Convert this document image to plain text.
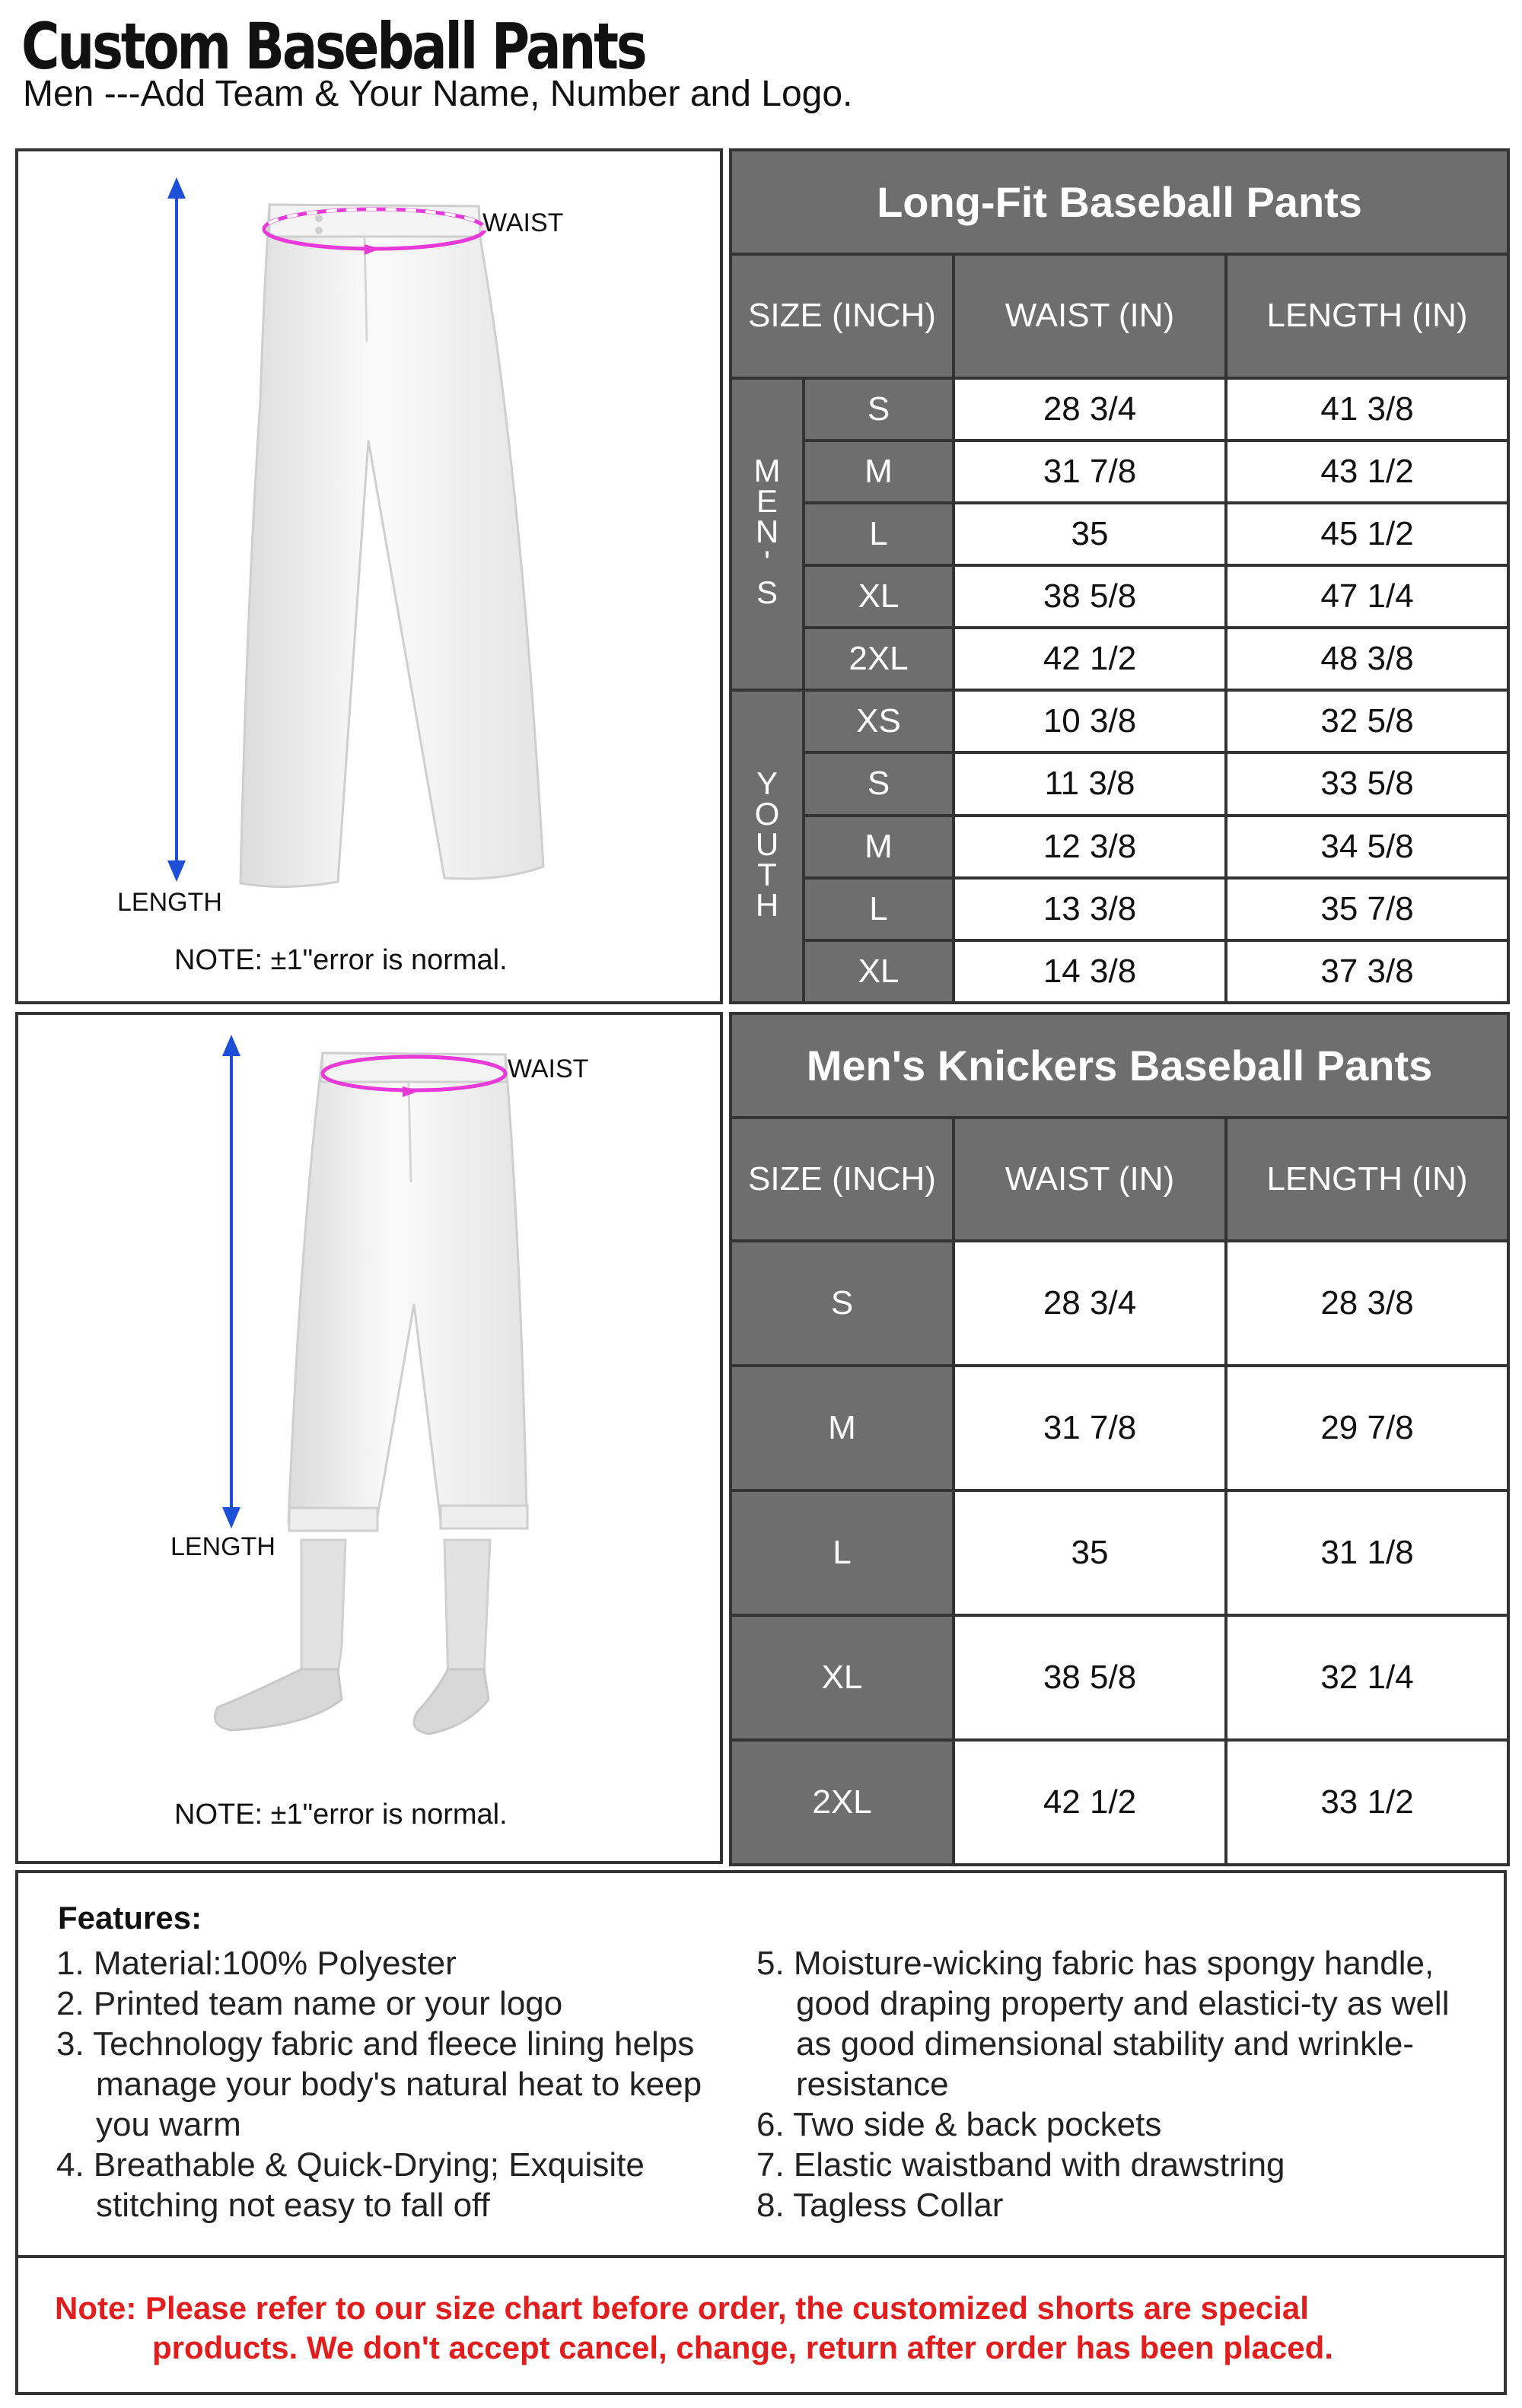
Custom Baseball Pants
Men ---Add Team & Your Name, Number and Logo.
WAIST
LENGTH
NOTE: ±1"error is normal.
Long-Fit Baseball Pants			
SIZE (INCH)		WAIST (IN)	LENGTH (IN)

M
E
N
'
S	S	28 3/4	41 3/8
	M	31 7/8	43 1/2
	L	35	45 1/2
	XL	38 5/8	47 1/4
	2XL	42 1/2	48 3/8

Y
O
U
T
H	XS	10 3/8	32 5/8
	S	11 3/8	33 5/8
	M	12 3/8	34 5/8
	L	13 3/8	35 7/8
	XL	14 3/8	37 3/8
WAIST
LENGTH
NOTE: ±1"error is normal.
Men's Knickers Baseball Pants		
SIZE (INCH)	WAIST (IN)	LENGTH (IN)
S	28 3/4	28 3/8
M	31 7/8	29 7/8
L	35	31 1/8
XL	38 5/8	32 1/4
2XL	42 1/2	33 1/2
Features:
1. Material:100% Polyester
2. Printed team name or your logo
3. Technology fabric and fleece lining helps manage your body's natural heat to keep you warm
4. Breathable & Quick-Drying; Exquisite stitching not easy to fall off
5. Moisture-wicking fabric has spongy handle, good draping property and elastici-ty as well as good dimensional stability and wrinkle-resistance
6. Two side & back pockets
7. Elastic waistband with drawstring
8. Tagless Collar
Note: Please refer to our size chart before order, the customized shorts are special
products. We don't accept cancel, change, return after order has been placed.
